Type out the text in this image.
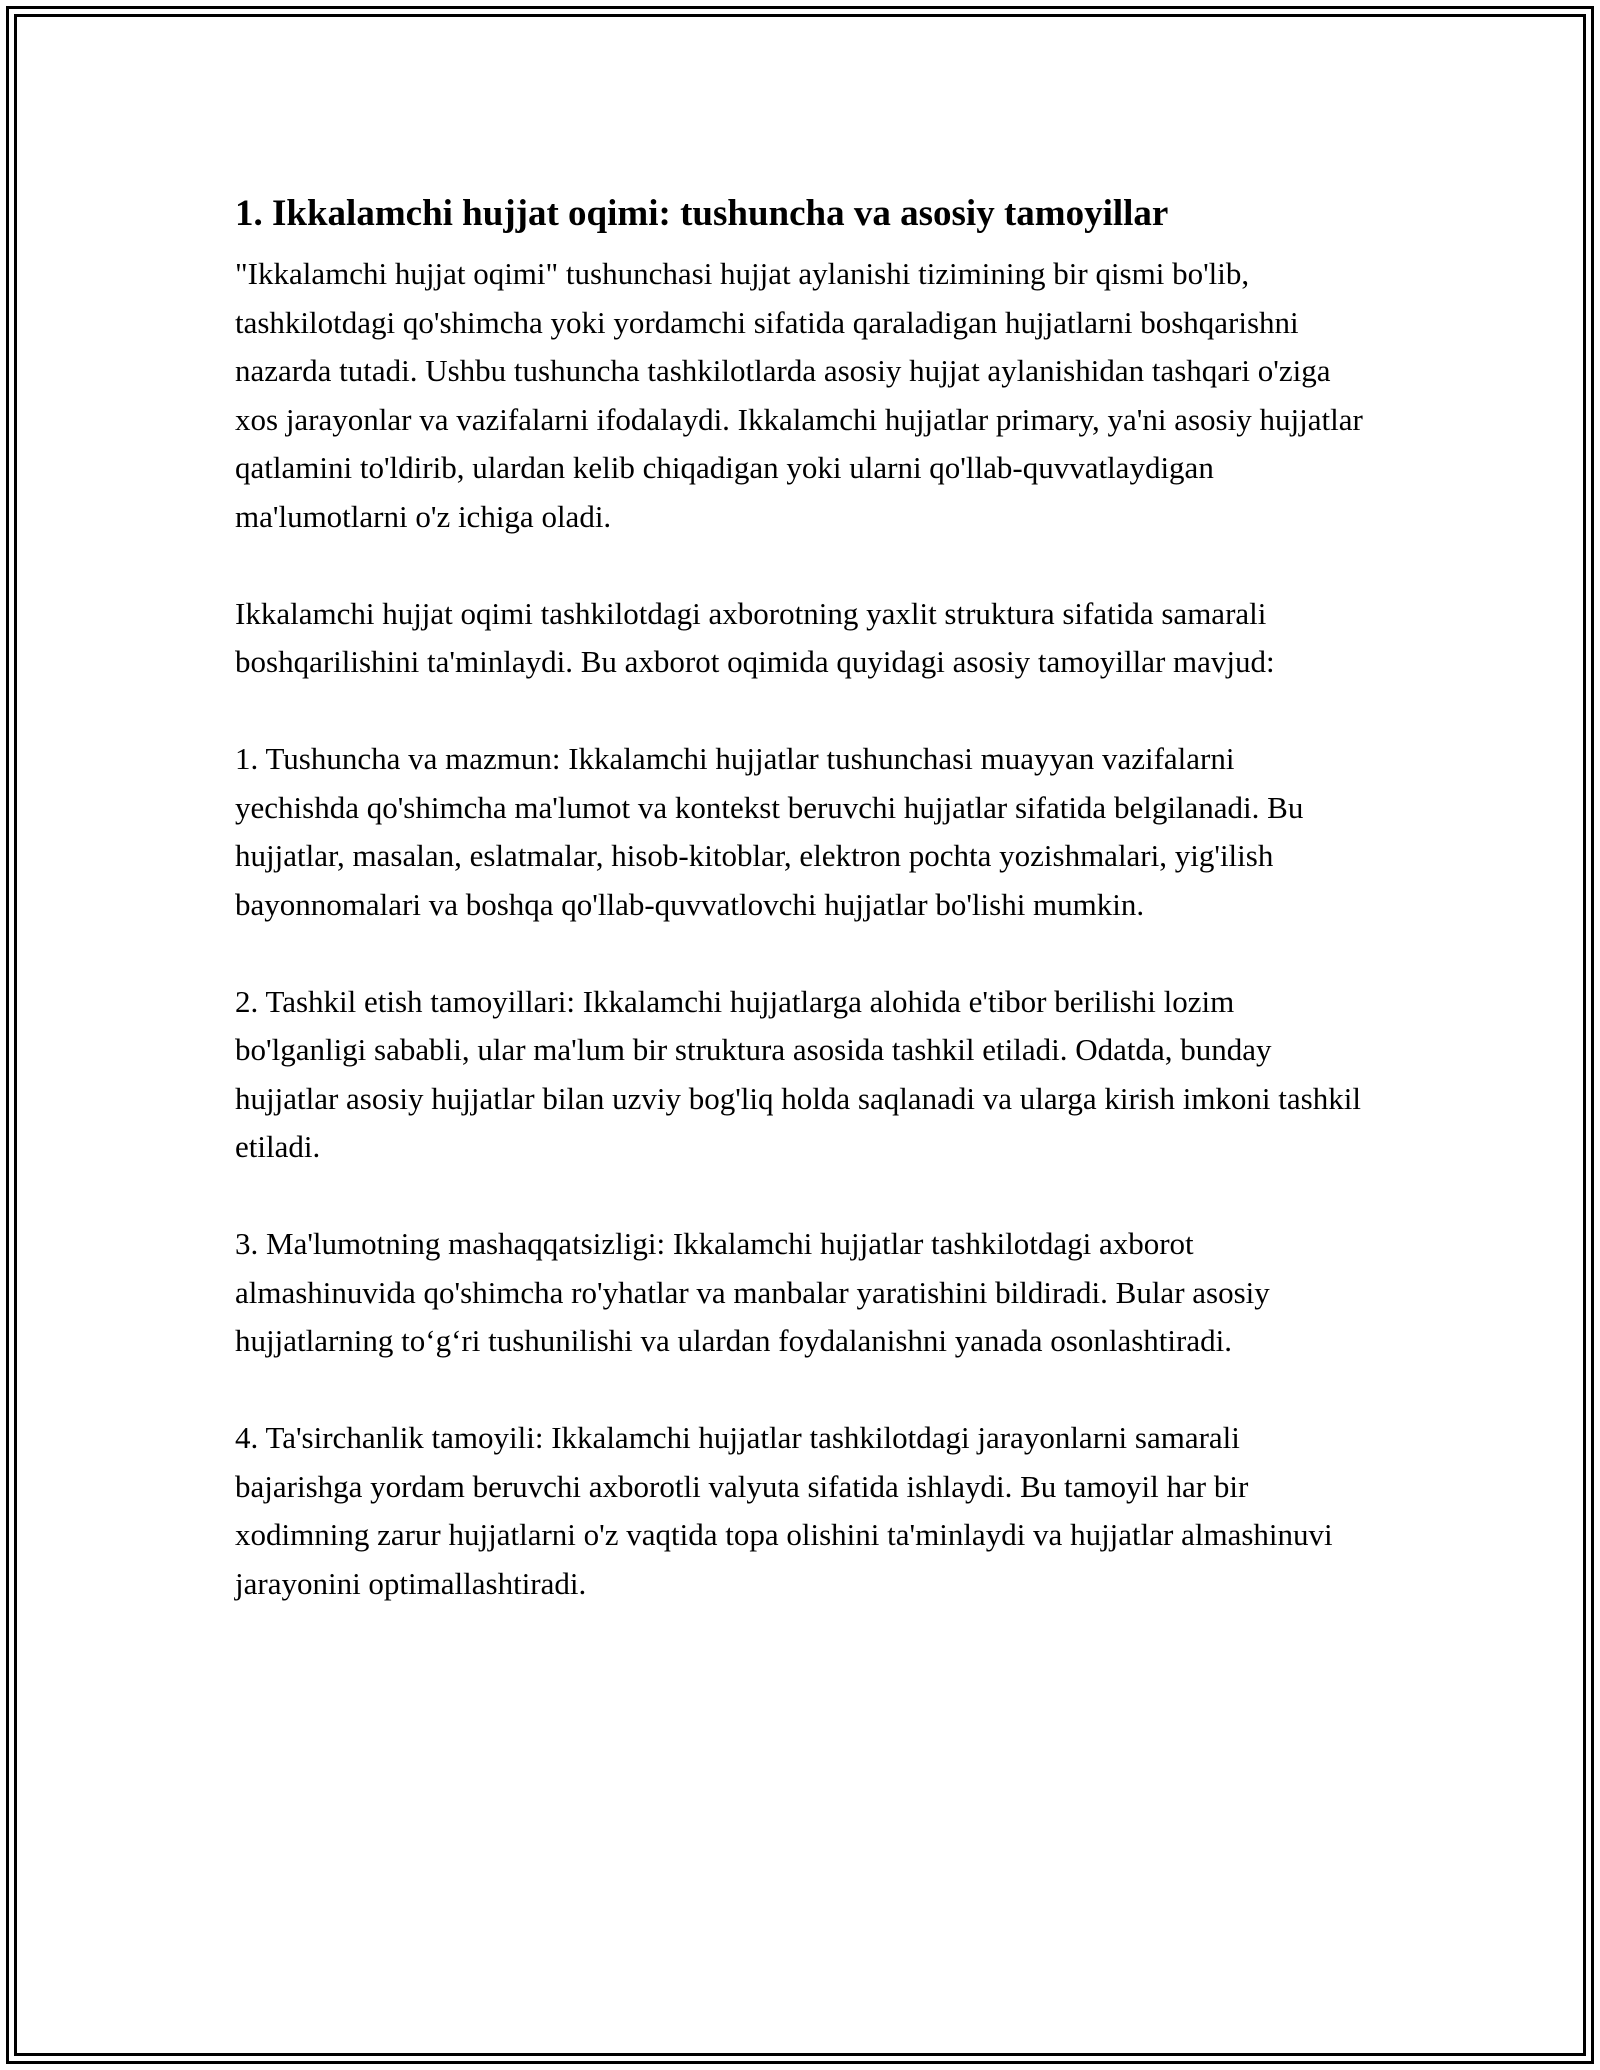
1. Ikkalamchi hujjat oqimi: tushuncha va asosiy tamoyillar

"Ikkalamchi hujjat oqimi" tushunchasi hujjat aylanishi tizimining bir qismi bo'lib, tashkilotdagi qo'shimcha yoki yordamchi sifatida qaraladigan hujjatlarni boshqarishni nazarda tutadi. Ushbu tushuncha tashkilotlarda asosiy hujjat aylanishidan tashqari o'ziga xos jarayonlar va vazifalarni ifodalaydi. Ikkalamchi hujjatlar primary, ya'ni asosiy hujjatlar qatlamini to'ldirib, ulardan kelib chiqadigan yoki ularni qo'llab-quvvatlaydigan ma'lumotlarni o'z ichiga oladi.

Ikkalamchi hujjat oqimi tashkilotdagi axborotning yaxlit struktura sifatida samarali boshqarilishini ta'minlaydi. Bu axborot oqimida quyidagi asosiy tamoyillar mavjud:

1. Tushuncha va mazmun: Ikkalamchi hujjatlar tushunchasi muayyan vazifalarni yechishda qo'shimcha ma'lumot va kontekst beruvchi hujjatlar sifatida belgilanadi. Bu hujjatlar, masalan, eslatmalar, hisob-kitoblar, elektron pochta yozishmalari, yig'ilish bayonnomalari va boshqa qo'llab-quvvatlovchi hujjatlar bo'lishi mumkin.

2. Tashkil etish tamoyillari: Ikkalamchi hujjatlarga alohida e'tibor berilishi lozim bo'lganligi sababli, ular ma'lum bir struktura asosida tashkil etiladi. Odatda, bunday hujjatlar asosiy hujjatlar bilan uzviy bog'liq holda saqlanadi va ularga kirish imkoni tashkil etiladi.

3. Ma'lumotning mashaqqatsizligi: Ikkalamchi hujjatlar tashkilotdagi axborot almashinuvida qo'shimcha ro'yhatlar va manbalar yaratishini bildiradi. Bular asosiy hujjatlarning to‘g‘ri tushunilishi va ulardan foydalanishni yanada osonlashtiradi.

4. Ta'sirchanlik tamoyili: Ikkalamchi hujjatlar tashkilotdagi jarayonlarni samarali bajarishga yordam beruvchi axborotli valyuta sifatida ishlaydi. Bu tamoyil har bir xodimning zarur hujjatlarni o'z vaqtida topa olishini ta'minlaydi va hujjatlar almashinuvi jarayonini optimallashtiradi.
